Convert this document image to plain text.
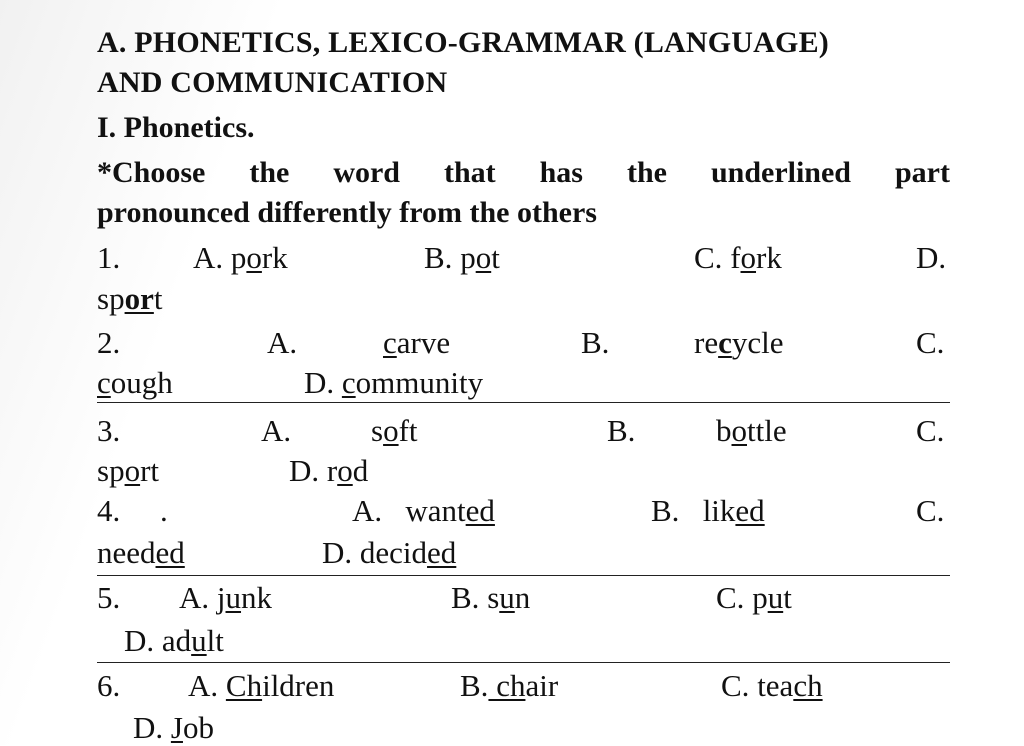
A. PHONETICS, LEXICO-GRAMMAR (LANGUAGE)
AND COMMUNICATION
I. Phonetics.
*Choose the word that has the underlined part
pronounced differently from the others
1. A. pork	B. pot	C. fork	D.
sport
2.	A.	carve	B.	recycle	C.
cough	D. community
3.	A.	soft	B.	bottle	C.
sport	D. rod
4. .	A. wanted	B. liked	C.
needed	D. decided
5. A. junk	B. sun	C. put
D. adult
6. A. Children	B. chair	C. teach
D. Job
